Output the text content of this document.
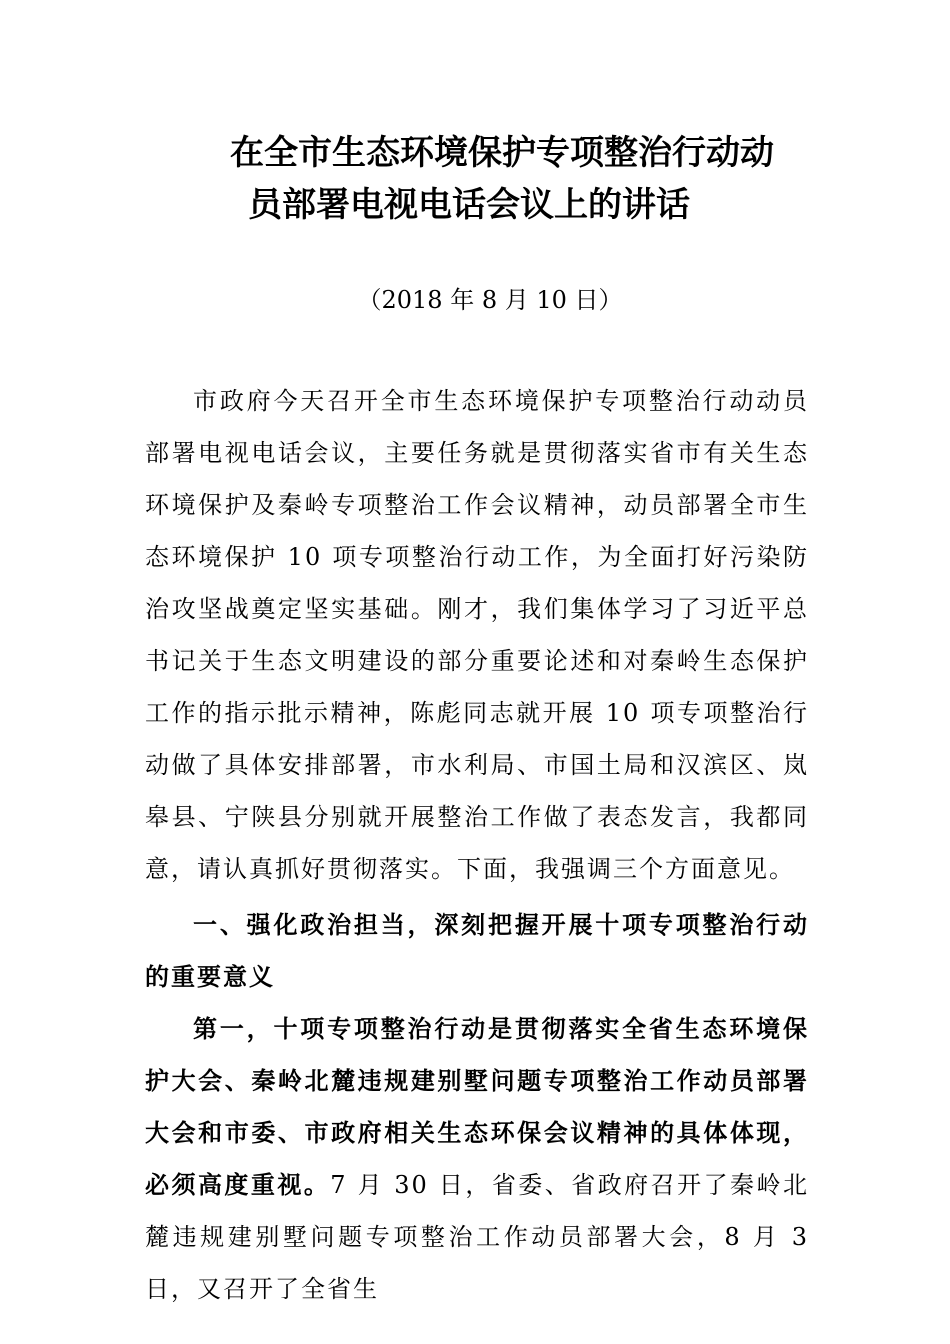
在全市生态环境保护专项整治行动动
员部署电视电话会议上的讲话
（2018 年 8 月 10 日）

市政府今天召开全市生态环境保护专项整治行动动员部署电视电话会议，主要任务就是贯彻落实省市有关生态环境保护及秦岭专项整治工作会议精神，动员部署全市生态环境保护 10 项专项整治行动工作，为全面打好污染防治攻坚战奠定坚实基础。刚才，我们集体学习了习近平总书记关于生态文明建设的部分重要论述和对秦岭生态保护工作的指示批示精神，陈彪同志就开展 10 项专项整治行动做了具体安排部署，市水利局、市国土局和汉滨区、岚皋县、宁陕县分别就开展整治工作做了表态发言，我都同意，请认真抓好贯彻落实。下面，我强调三个方面意见。

一、强化政治担当，深刻把握开展十项专项整治行动的重要意义

第一，十项专项整治行动是贯彻落实全省生态环境保护大会、秦岭北麓违规建别墅问题专项整治工作动员部署大会和市委、市政府相关生态环保会议精神的具体体现，必须高度重视。7 月 30 日，省委、省政府召开了秦岭北麓违规建别墅问题专项整治工作动员部署大会，8 月 3 日，又召开了全省生
